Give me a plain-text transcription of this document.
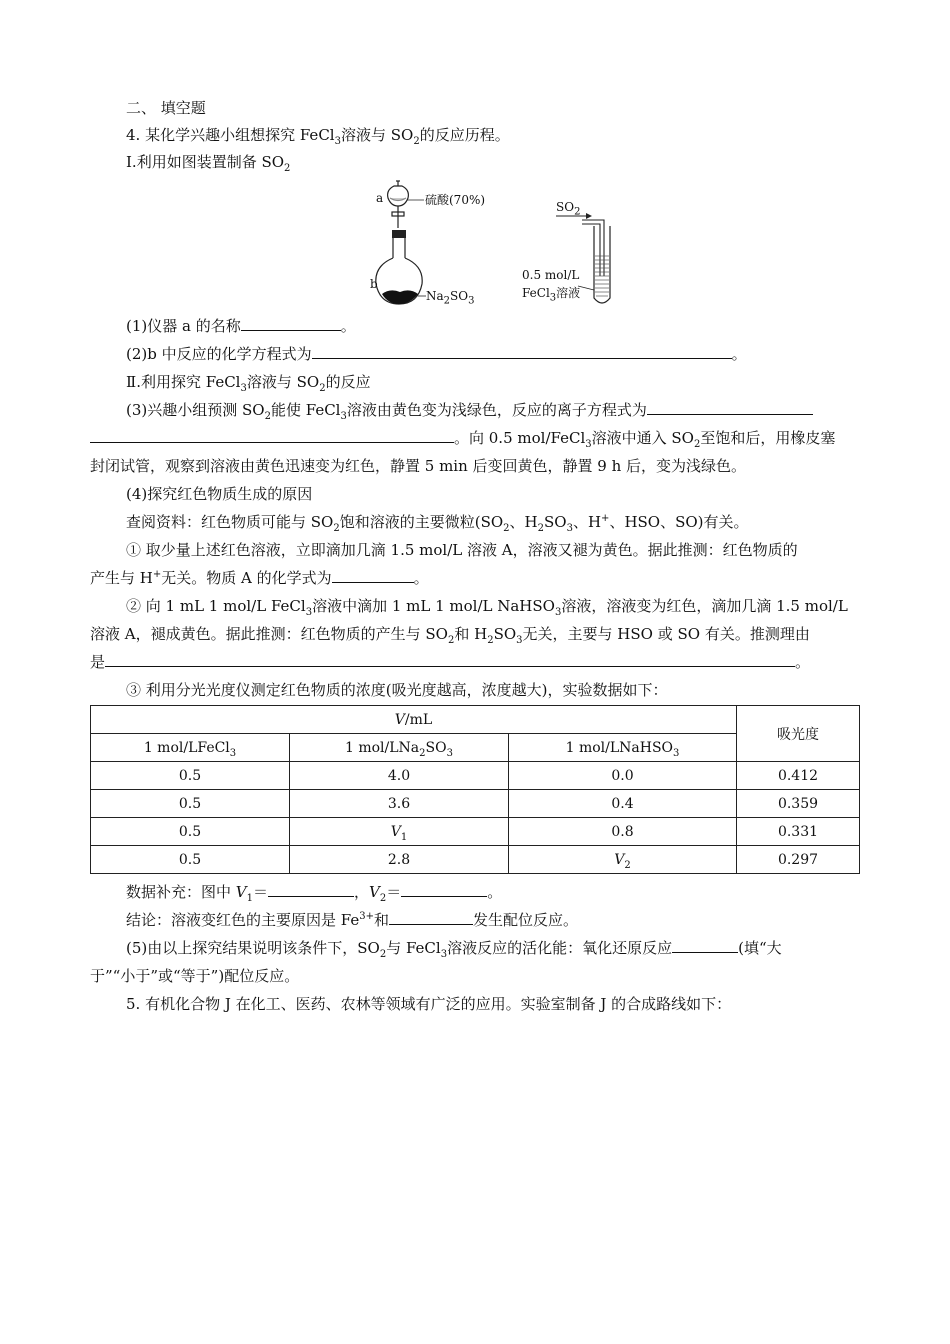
二、 填空题
4. 某化学兴趣小组想探究 FeCl$_3$溶液与 $SO_2$的反应历程。
Ⅰ.利用如图装置制备 $SO_2$
a
b
硫酸(70%)
$Na_2SO_3$
$SO_2$
0.5 mol/L
FeCl$_3$溶液
(1)仪器 a 的名称	。
(2)b 中反应的化学方程式为	。
Ⅱ.利用探究 FeCl$_3$溶液与 $SO_2$的反应
(3)兴趣小组预测 $SO_2$能使 FeCl$_3$溶液由黄色变为浅绿色，反应的离子方程式为
。向 0.5 mol/FeCl$_3$溶液中通入 $SO_2$至饱和后，用橡皮塞
封闭试管，观察到溶液由黄色迅速变为红色，静置 5 min 后变回黄色，静置 9 h 后，变为浅绿色。
(4)探究红色物质生成的原因
查阅资料：红色物质可能与 $SO_2$饱和溶液的主要微粒($SO_2$、$H_2SO_3$、H+、HSO、SO)有关。
① 取少量上述红色溶液，立即滴加几滴 1.5 mol/L 溶液 A，溶液又褪为黄色。据此推测：红色物质的
产生与 H+无关。物质 A 的化学式为	。
② 向 1 mL 1 mol/L FeCl$_3$溶液中滴加 1 mL 1 mol/L NaHSO$_3$溶液，溶液变为红色，滴加几滴 1.5 mol/L
溶液 A，褪成黄色。据此推测：红色物质的产生与 $SO_2$和 $H_2SO_3$无关，主要与 HSO 或 SO 有关。推测理由
是	。
③ 利用分光光度仪测定红色物质的浓度(吸光度越高，浓度越大)，实验数据如下：
V/mL			吸光度
1 mol/LFeCl$_3$	1 mol/$LNa_2SO_3$	1 mol/LNaHSO$_3$
0.5	4.0	0.0	0.412
0.5	3.6	0.4	0.359
0.5	$V_1$	0.8	0.331
0.5	2.8	$V_2$	0.297
数据补充：图中 $V_1=$	，$V_2=$	。
结论：溶液变红色的主要原因是 $Fe^{3+}$和	发生配位反应。
(5)由以上探究结果说明该条件下，$SO_2$与 FeCl$_3$溶液反应的活化能：氧化还原反应	(填“大
于”“小于”或“等于”)配位反应。
5. 有机化合物 J 在化工、医药、农林等领域有广泛的应用。实验室制备 J 的合成路线如下：
